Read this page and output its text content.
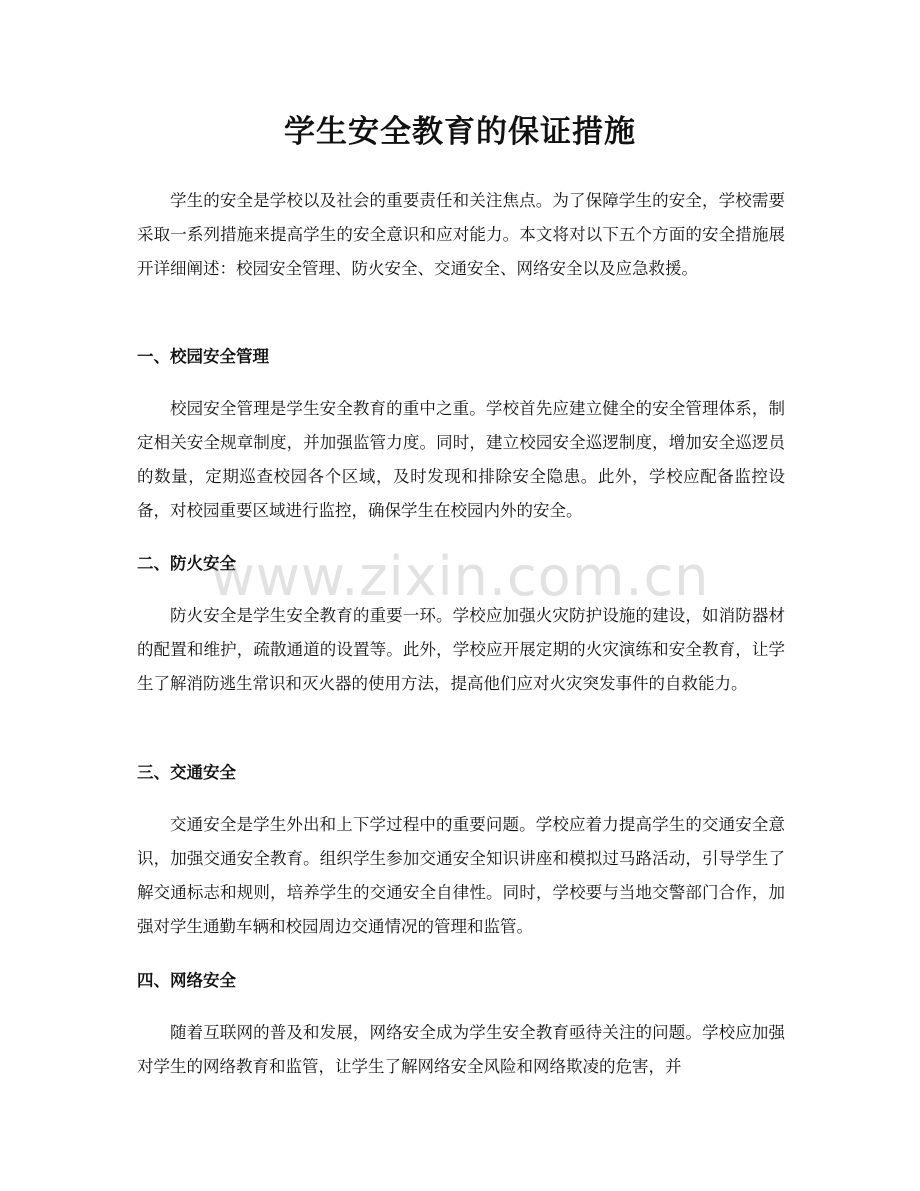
学生安全教育的保证措施

学生的安全是学校以及社会的重要责任和关注焦点。为了保障学生的安全，学校需要采取一系列措施来提高学生的安全意识和应对能力。本文将对以下五个方面的安全措施展开详细阐述：校园安全管理、防火安全、交通安全、网络安全以及应急救援。

一、校园安全管理

校园安全管理是学生安全教育的重中之重。学校首先应建立健全的安全管理体系，制定相关安全规章制度，并加强监管力度。同时，建立校园安全巡逻制度，增加安全巡逻员的数量，定期巡查校园各个区域，及时发现和排除安全隐患。此外，学校应配备监控设备，对校园重要区域进行监控，确保学生在校园内外的安全。

二、防火安全

防火安全是学生安全教育的重要一环。学校应加强火灾防护设施的建设，如消防器材的配置和维护，疏散通道的设置等。此外，学校应开展定期的火灾演练和安全教育，让学生了解消防逃生常识和灭火器的使用方法，提高他们应对火灾突发事件的自救能力。

三、交通安全

交通安全是学生外出和上下学过程中的重要问题。学校应着力提高学生的交通安全意识，加强交通安全教育。组织学生参加交通安全知识讲座和模拟过马路活动，引导学生了解交通标志和规则，培养学生的交通安全自律性。同时，学校要与当地交警部门合作，加强对学生通勤车辆和校园周边交通情况的管理和监管。

四、网络安全

随着互联网的普及和发展，网络安全成为学生安全教育亟待关注的问题。学校应加强对学生的网络教育和监管，让学生了解网络安全风险和网络欺凌的危害，并

www.zixin.com.cn
